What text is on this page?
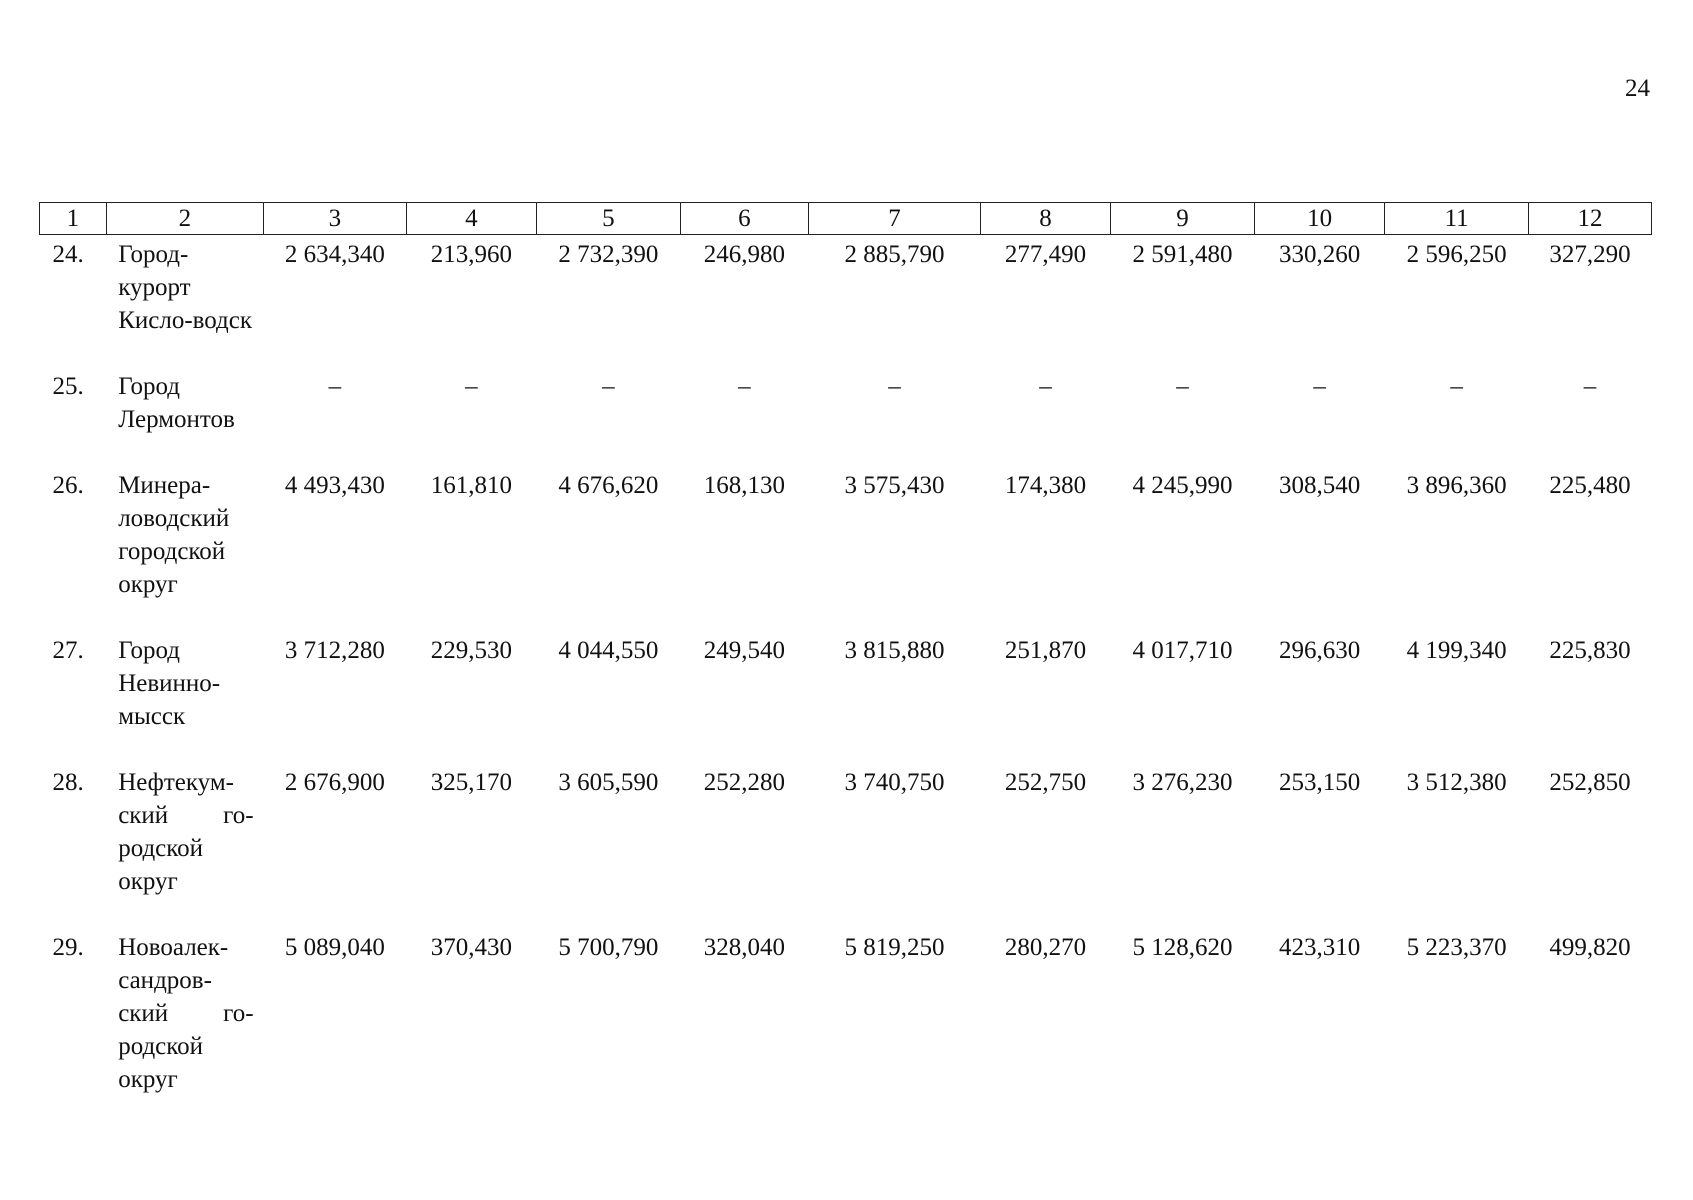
24
1	2	3	4	5	6	7	8	9	10	11	12
24.	Город-курорт Кисло-водск	2 634,340	213,960	2 732,390	246,980	2 885,790	277,490	2 591,480	330,260	2 596,250	327,290
25.	Город Лермонтов	–	–	–	–	–	–	–	–	–	–
26.	Минера-ловодский городской округ	4 493,430	161,810	4 676,620	168,130	3 575,430	174,380	4 245,990	308,540	3 896,360	225,480
27.	Город Невинно-мысск	3 712,280	229,530	4 044,550	249,540	3 815,880	251,870	4 017,710	296,630	4 199,340	225,830
28.	Нефтекум-ский го-родской округ	2 676,900	325,170	3 605,590	252,280	3 740,750	252,750	3 276,230	253,150	3 512,380	252,850
29.	Новоалек-сандров-ский го-родской округ	5 089,040	370,430	5 700,790	328,040	5 819,250	280,270	5 128,620	423,310	5 223,370	499,820
